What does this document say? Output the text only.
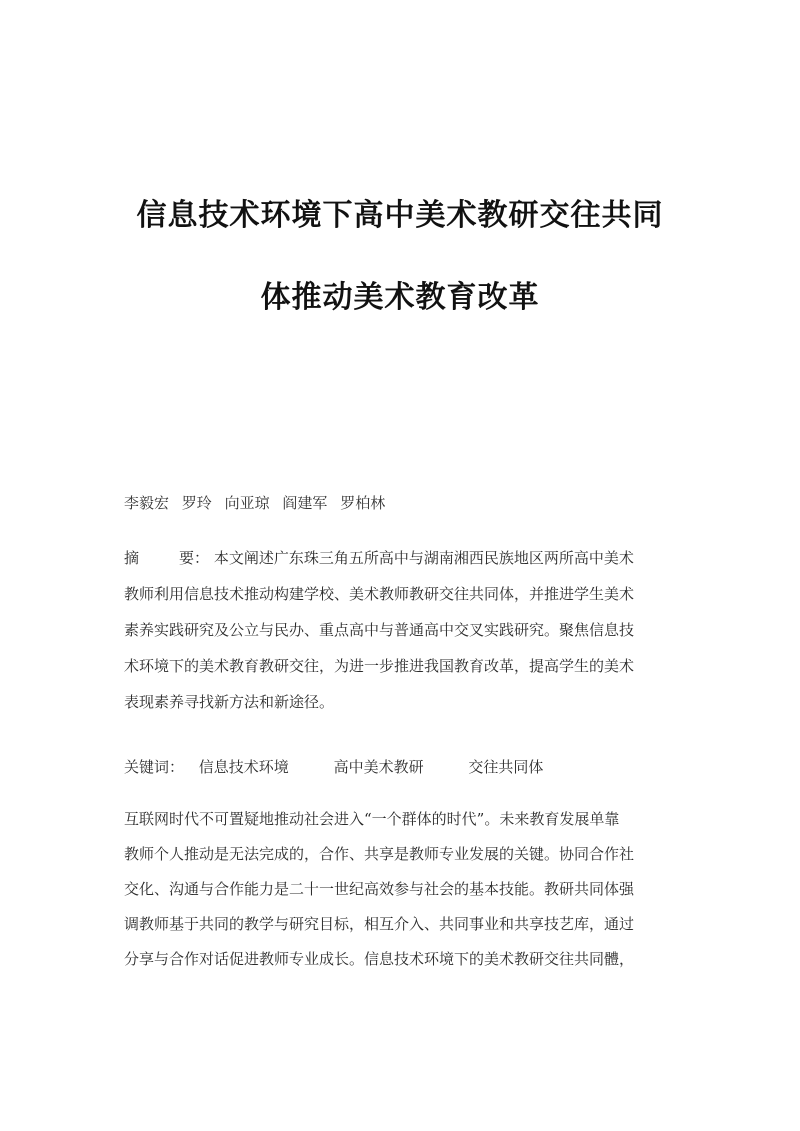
信息技术环境下高中美术教研交往共同
体推动美术教育改革
李毅宏 罗玲 向亚琼 阎建军 罗柏林
摘	要： 本文阐述广东珠三角五所高中与湖南湘西民族地区两所高中美术
教师利用信息技术推动构建学校、美术教师教研交往共同体，并推进学生美术
素养实践研究及公立与民办、重点高中与普通高中交叉实践研究。聚焦信息技
术环境下的美术教育教研交往，为进一步推进我国教育改革，提高学生的美术
表现素养寻找新方法和新途径。
关键词： 信息技术环境	高中美术教研	交往共同体
互联网时代不可置疑地推动社会进入“一个群体的时代”。未来教育发展单靠
教师个人推动是无法完成的，合作、共享是教师专业发展的关键。协同合作社
交化、沟通与合作能力是二十一世纪高效参与社会的基本技能。教研共同体强
调教师基于共同的教学与研究目标，相互介入、共同事业和共享技艺库，通过
分享与合作对话促进教师专业成长。信息技术环境下的美术教研交往共同體，
